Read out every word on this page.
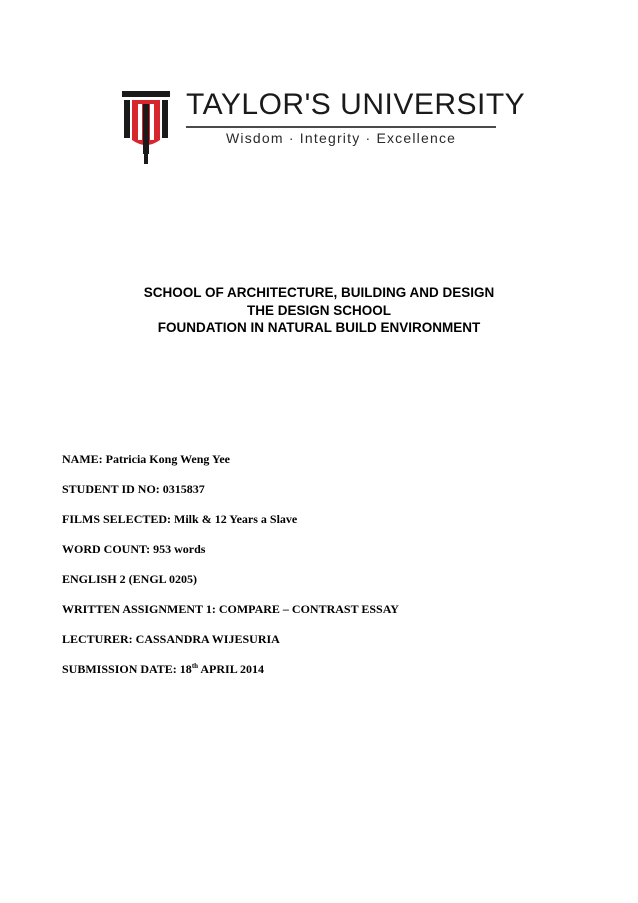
TAYLOR'S UNIVERSITY
Wisdom · Integrity · Excellence
SCHOOL OF ARCHITECTURE, BUILDING AND DESIGN
THE DESIGN SCHOOL
FOUNDATION IN NATURAL BUILD ENVIRONMENT
NAME: Patricia Kong Weng Yee
STUDENT ID NO: 0315837
FILMS SELECTED: Milk & 12 Years a Slave
WORD COUNT: 953 words
ENGLISH 2 (ENGL 0205)
WRITTEN ASSIGNMENT 1: COMPARE – CONTRAST ESSAY
LECTURER: CASSANDRA WIJESURIA
SUBMISSION DATE: 18th APRIL 2014
